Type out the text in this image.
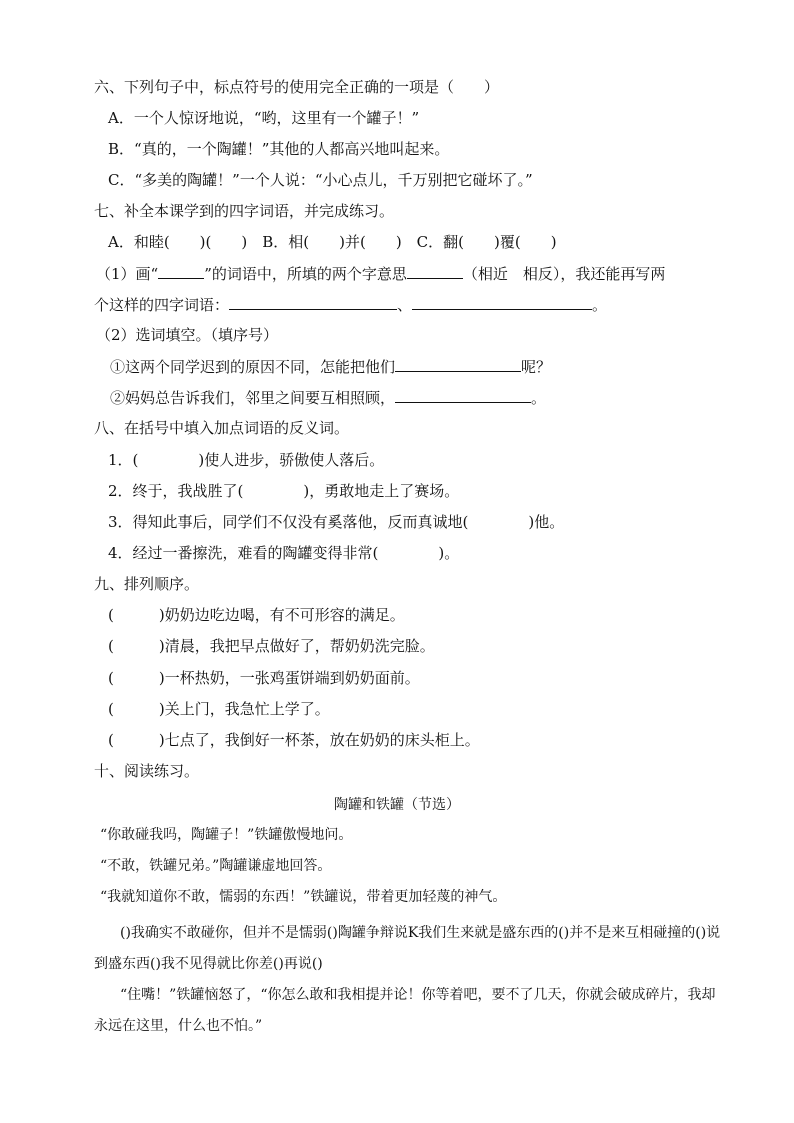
六、下列句子中，标点符号的使用完全正确的一项是（　　）
A．一个人惊讶地说，“哟，这里有一个罐子！”
B．“真的，一个陶罐！”其他的人都高兴地叫起来。
C．“多美的陶罐！”一个人说：“小心点儿，千万别把它碰坏了。”
七、补全本课学到的四字词语，并完成练习。
A．和睦(　　)(　　)　B．相(　　)并(　　)　C．翻(　　)覆(　　)
（1）画“	”的词语中，所填的两个字意思	（相近　相反），我还能再写两
个这样的四字词语：	、	。
（2）选词填空。（填序号）
①这两个同学迟到的原因不同，怎能把他们	呢？
②妈妈总告诉我们，邻里之间要互相照顾，	。
八、在括号中填入加点词语的反义词。
1．(　　　　)使人进步，骄傲使人落后。
2．终于，我战胜了(　　　　)，勇敢地走上了赛场。
3．得知此事后，同学们不仅没有奚落他，反而真诚地(　　　　)他。
4．经过一番擦洗，难看的陶罐变得非常(　　　　)。
九、排列顺序。
(　　　)奶奶边吃边喝，有不可形容的满足。
(　　　)清晨，我把早点做好了，帮奶奶洗完脸。
(　　　)一杯热奶，一张鸡蛋饼端到奶奶面前。
(　　　)关上门，我急忙上学了。
(　　　)七点了，我倒好一杯茶，放在奶奶的床头柜上。
十、阅读练习。
陶罐和铁罐（节选）
“你敢碰我吗，陶罐子！”铁罐傲慢地问。
“不敢，铁罐兄弟。”陶罐谦虚地回答。
“我就知道你不敢，懦弱的东西！”铁罐说，带着更加轻蔑的神气。
()我确实不敢碰你，但并不是懦弱()陶罐争辩说K我们生来就是盛东西的()并不是来互相碰撞的()说到盛东西()我不见得就比你差()再说()
“住嘴！”铁罐恼怒了，“你怎么敢和我相提并论！你等着吧，要不了几天，你就会破成碎片，我却永远在这里，什么也不怕。”
